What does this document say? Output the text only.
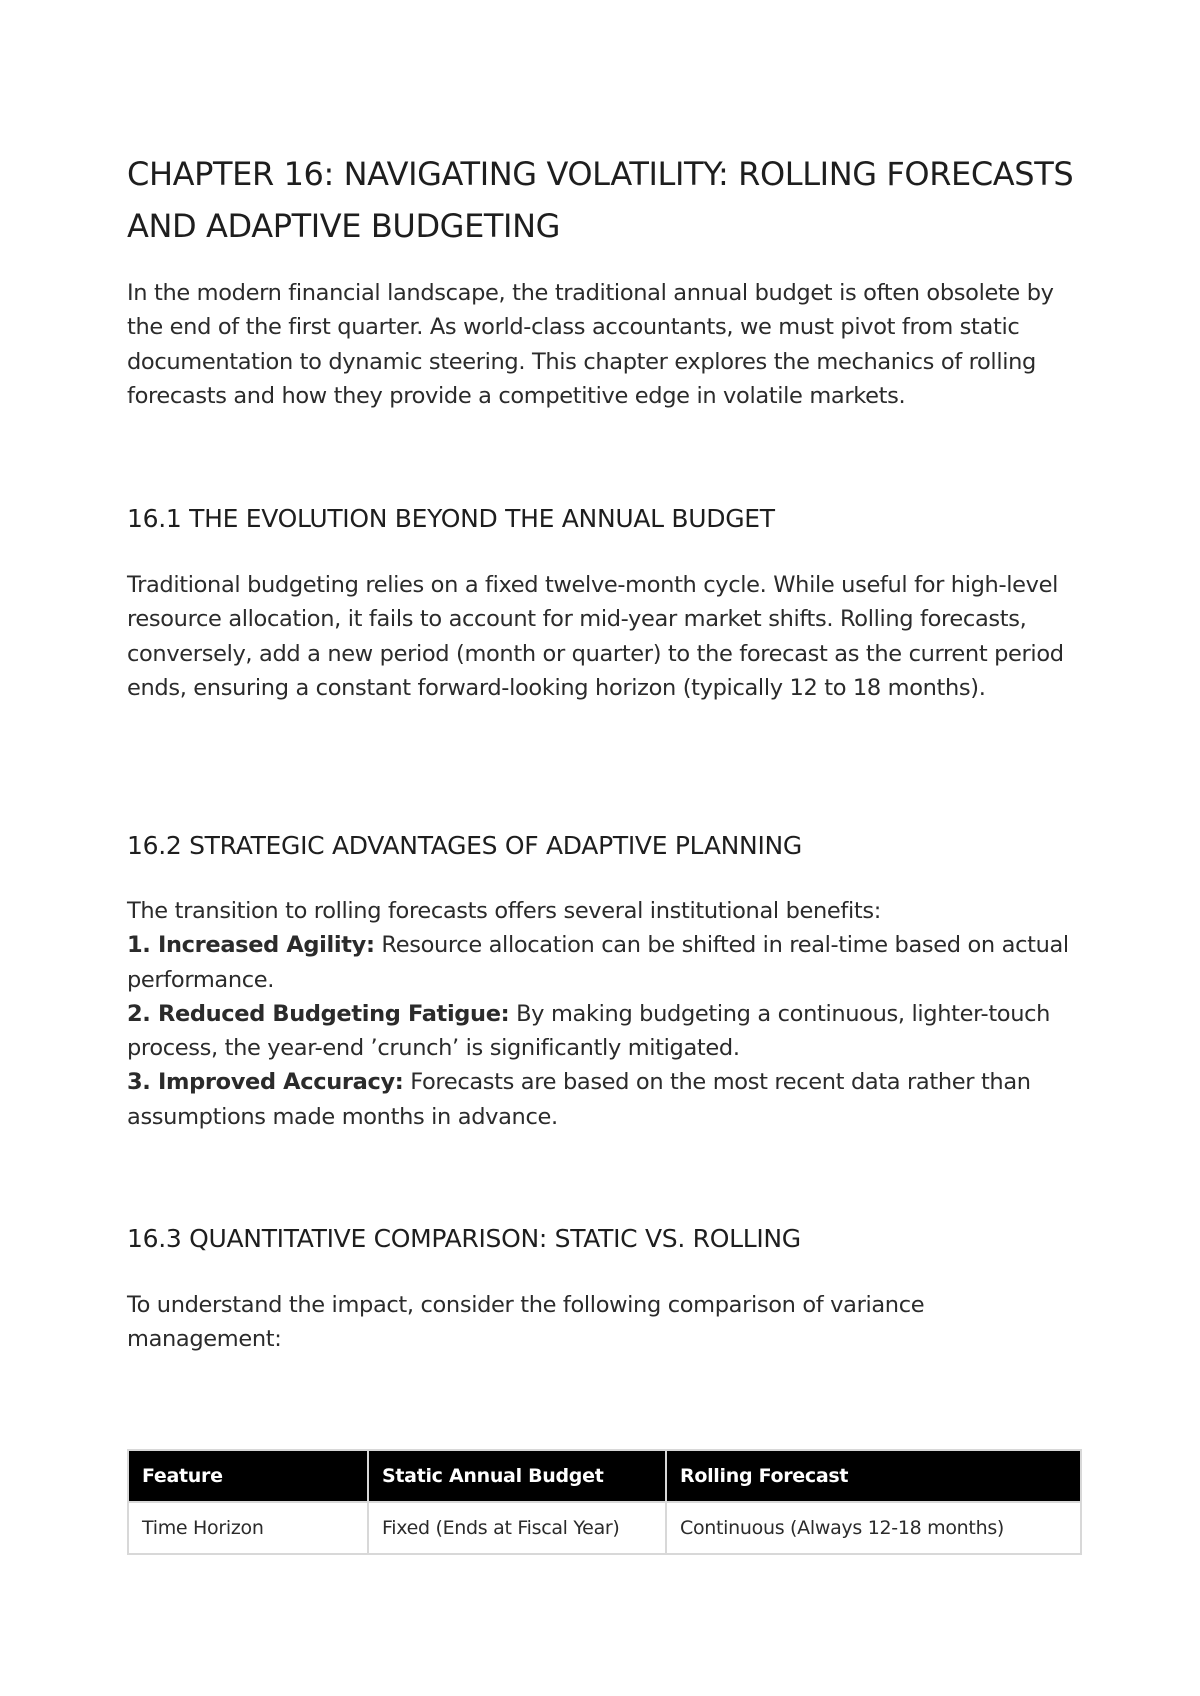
CHAPTER 16: NAVIGATING VOLATILITY: ROLLING FORECASTS AND ADAPTIVE BUDGETING

In the modern financial landscape, the traditional annual budget is often obsolete by the end of the first quarter. As world-class accountants, we must pivot from static documentation to dynamic steering. This chapter explores the mechanics of rolling forecasts and how they provide a competitive edge in volatile markets.

16.1 THE EVOLUTION BEYOND THE ANNUAL BUDGET

Traditional budgeting relies on a fixed twelve-month cycle. While useful for high-level resource allocation, it fails to account for mid-year market shifts. Rolling forecasts, conversely, add a new period (month or quarter) to the forecast as the current period ends, ensuring a constant forward-looking horizon (typically 12 to 18 months).

16.2 STRATEGIC ADVANTAGES OF ADAPTIVE PLANNING
The transition to rolling forecasts offers several institutional benefits:
1. Increased Agility: Resource allocation can be shifted in real-time based on actual performance.
2. Reduced Budgeting Fatigue: By making budgeting a continuous, lighter-touch process, the year-end ’crunch’ is significantly mitigated.
3. Improved Accuracy: Forecasts are based on the most recent data rather than assumptions made months in advance.
16.3 QUANTITATIVE COMPARISON: STATIC VS. ROLLING

To understand the impact, consider the following comparison of variance management:

Feature	Static Annual Budget	Rolling Forecast
Time Horizon	Fixed (Ends at Fiscal Year)	Continuous (Always 12-18 months)
